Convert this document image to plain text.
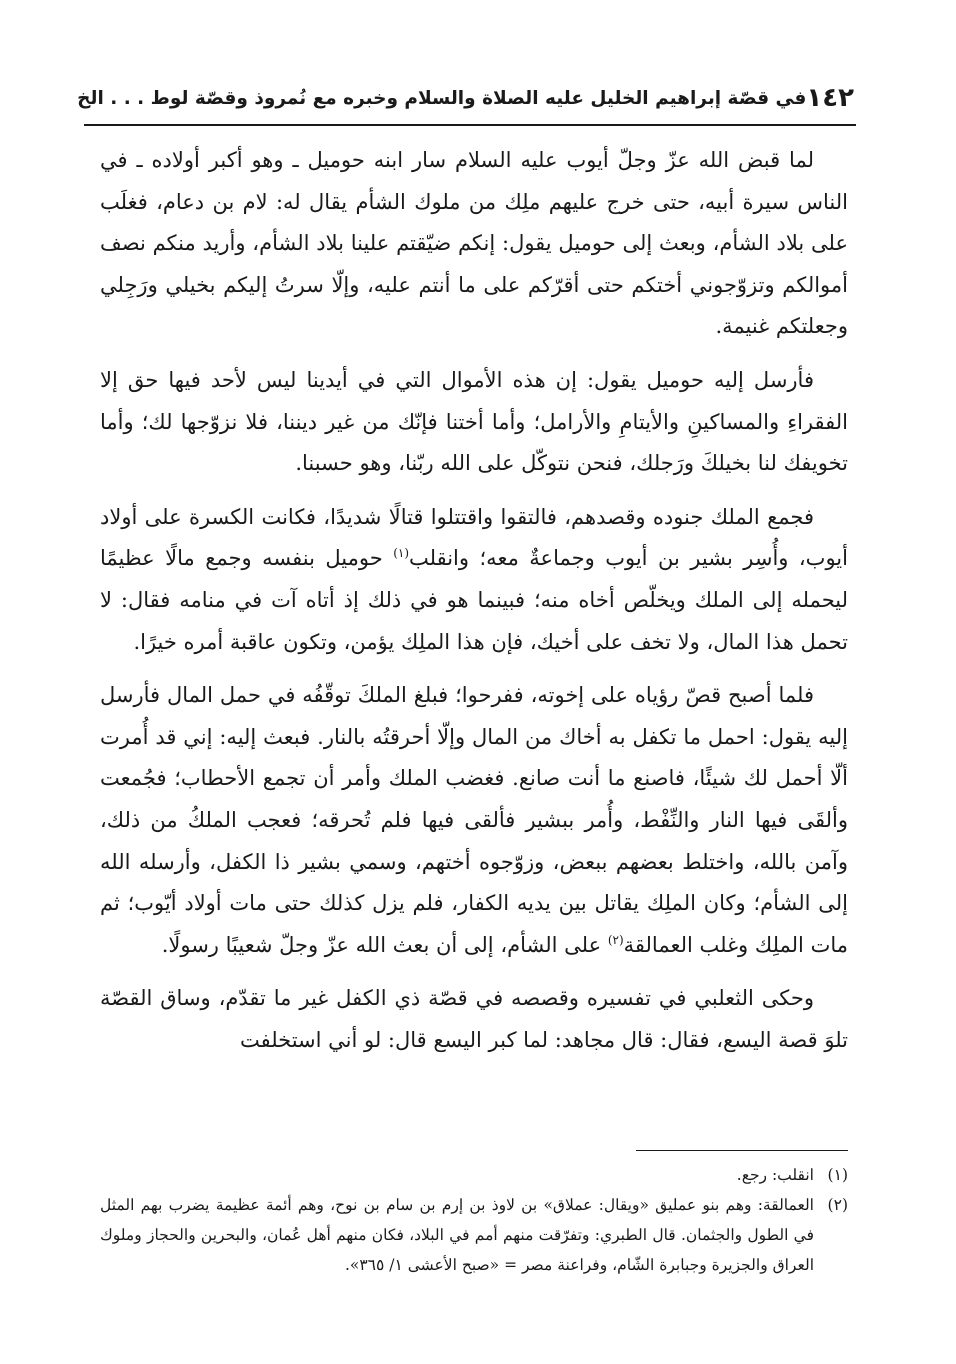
١٤٢
في قصّة إبراهيم الخليل عليه الصلاة والسلام وخبره مع نُمروذ وقصّة لوط . . . الخ

لما قبض الله عزّ وجلّ أيوب عليه السلام سار ابنه حوميل ـ وهو أكبر أولاده ـ في الناس سيرة أبيه، حتى خرج عليهم ملِك من ملوك الشأم يقال له: لام بن دعام، فغلَب على بلاد الشأم، وبعث إلى حوميل يقول: إنكم ضيّقتم علينا بلاد الشأم، وأريد منكم نصف أموالكم وتزوّجوني أختكم حتى أقرّكم على ما أنتم عليه، وإلّا سرتُ إليكم بخيلي ورَجِلي وجعلتكم غنيمة.

فأرسل إليه حوميل يقول: إن هذه الأموال التي في أيدينا ليس لأحد فيها حق إلا الفقراءِ والمساكينِ والأيتامِ والأرامل؛ وأما أختنا فإنّك من غير ديننا، فلا نزوّجها لك؛ وأما تخويفك لنا بخيلكَ ورَجلك، فنحن نتوكّل على الله ربّنا، وهو حسبنا.

فجمع الملك جنوده وقصدهم، فالتقوا واقتتلوا قتالًا شديدًا، فكانت الكسرة على أولاد أيوب، وأُسِر بشير بن أيوب وجماعةٌ معه؛ وانقلب$^{(١)}$ حوميل بنفسه وجمع مالًا عظيمًا ليحمله إلى الملك ويخلّص أخاه منه؛ فبينما هو في ذلك إذ أتاه آت في منامه فقال: لا تحمل هذا المال، ولا تخف على أخيك، فإن هذا الملِك يؤمن، وتكون عاقبة أمره خيرًا.

فلما أصبح قصّ رؤياه على إخوته، ففرحوا؛ فبلغ الملكَ توقّفُه في حمل المال فأرسل إليه يقول: احمل ما تكفل به أخاك من المال وإلّا أحرقتُه بالنار. فبعث إليه: إني قد أُمرت ألّا أحمل لك شيئًا، فاصنع ما أنت صانع. فغضب الملك وأمر أن تجمع الأحطاب؛ فجُمعت وألقَى فيها النار والنِّفْط، وأُمر ببشير فألقى فيها فلم تُحرقه؛ فعجب الملكُ من ذلك، وآمن بالله، واختلط بعضهم ببعض، وزوّجوه أختهم، وسمي بشير ذا الكفل، وأرسله الله إلى الشأم؛ وكان الملِك يقاتل بين يديه الكفار، فلم يزل كذلك حتى مات أولاد أيّوب؛ ثم مات الملِك وغلب العمالقة$^{(٢)}$ على الشأم، إلى أن بعث الله عزّ وجلّ شعيبًا رسولًا.

وحكى الثعلبي في تفسيره وقصصه في قصّة ذي الكفل غير ما تقدّم، وساق القصّة تلوَ قصة اليسع، فقال: قال مجاهد: لما كبر اليسع قال: لو أني استخلفت

(١)
انقلب: رجع.
(٢)
العمالقة: وهم بنو عمليق «ويقال: عملاق» بن لاوذ بن إرم بن سام بن نوح، وهم أئمة عظيمة يضرب بهم المثل في الطول والجثمان. قال الطبري: وتفرّقت منهم أمم في البلاد، فكان منهم أهل عُمان، والبحرين والحجاز وملوك العراق والجزيرة وجبابرة الشّام، وفراعنة مصر = «صبح الأعشى ١/ ٣٦٥».
